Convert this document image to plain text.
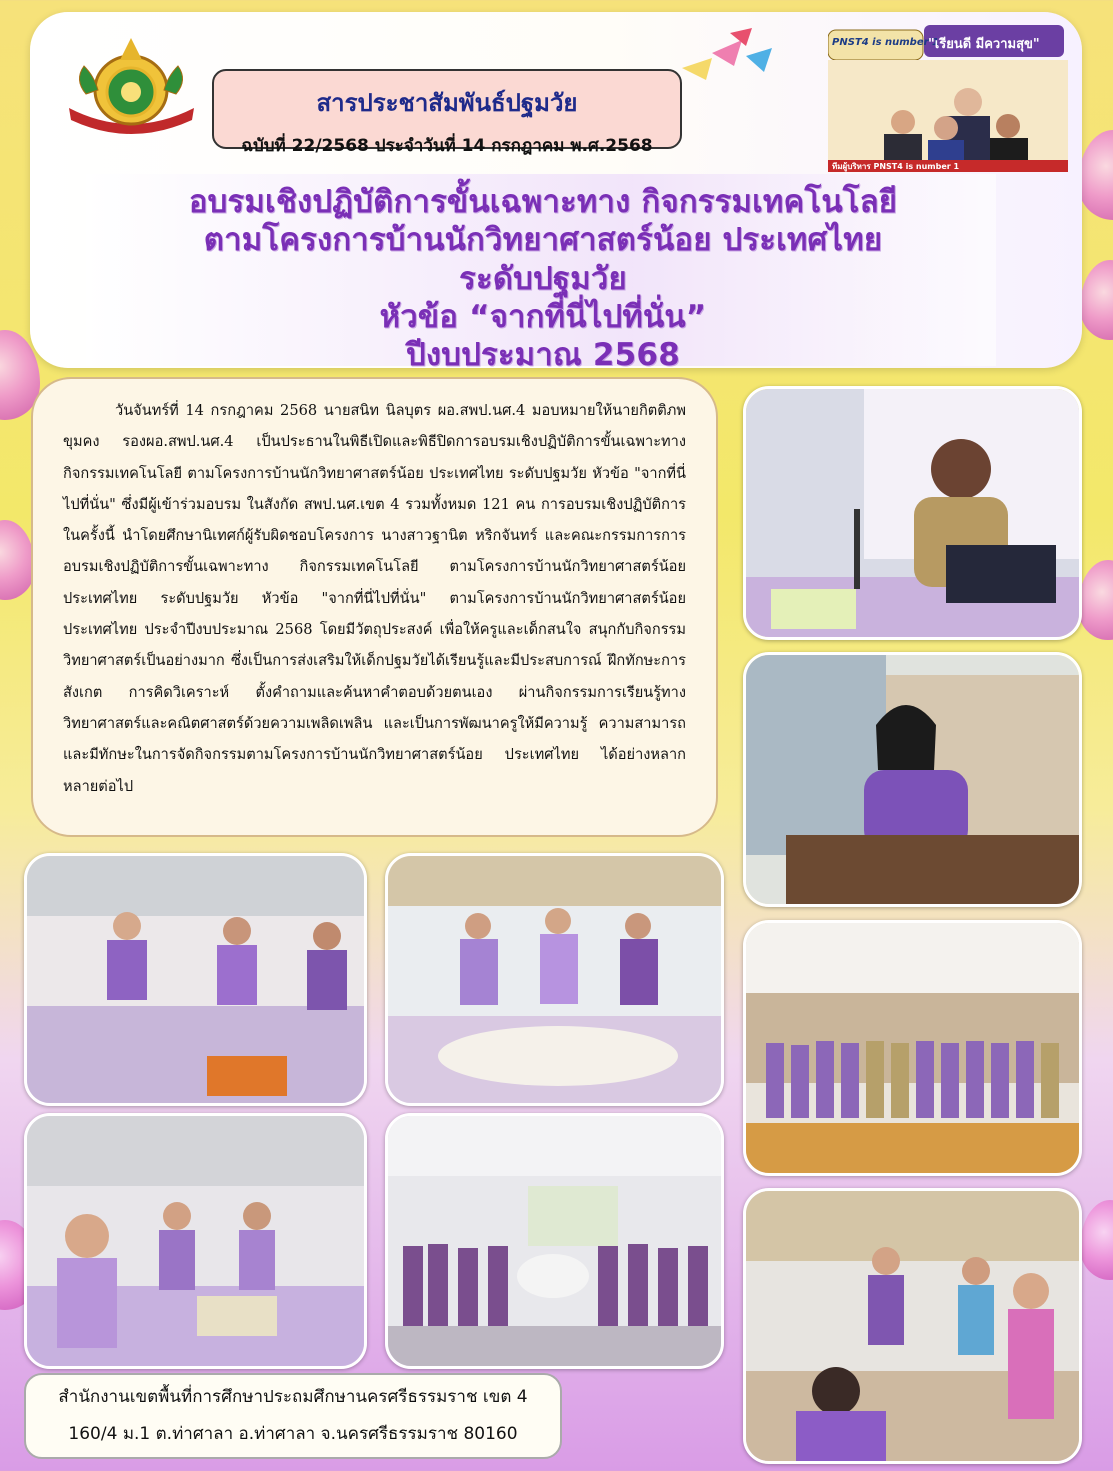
สารประชาสัมพันธ์ปฐมวัย
ฉบับที่ 22/2568 ประจำวันที่ 14 กรกฎาคม พ.ศ.2568
PNST4 is number 1
"เรียนดี มีความสุข"
ทีมผู้บริหาร PNST4 is number 1
อบรมเชิงปฏิบัติการขั้นเฉพาะทาง กิจกรรมเทคโนโลยี
ตามโครงการบ้านนักวิทยาศาสตร์น้อย ประเทศไทย
ระดับปฐมวัย
หัวข้อ “จากที่นี่ไปที่นั่น”
ปีงบประมาณ 2568
วันจันทร์ที่ 14 กรกฎาคม 2568 นายสนิท นิลบุตร ผอ.สพป.นศ.4 มอบหมายให้นายกิตติภพ ขุมคง รองผอ.สพป.นศ.4 เป็นประธานในพิธีเปิดและพิธีปิดการอบรมเชิงปฏิบัติการขั้นเฉพาะทาง กิจกรรมเทคโนโลยี ตามโครงการบ้านนักวิทยาศาสตร์น้อย ประเทศไทย ระดับปฐมวัย หัวข้อ "จากที่นี่ไปที่นั่น" ซึ่งมีผู้เข้าร่วมอบรม ในสังกัด สพป.นศ.เขต 4 รวมทั้งหมด 121 คน การอบรมเชิงปฏิบัติการในครั้งนี้ นำโดยศึกษานิเทศก์ผู้รับผิดชอบโครงการ นางสาวฐานิต หริกจันทร์ และคณะกรรมการการอบรมเชิงปฏิบัติการขั้นเฉพาะทาง กิจกรรมเทคโนโลยี ตามโครงการบ้านนักวิทยาศาสตร์น้อย ประเทศไทย ระดับปฐมวัย หัวข้อ "จากที่นี่ไปที่นั่น" ตามโครงการบ้านนักวิทยาศาสตร์น้อย ประเทศไทย ประจำปีงบประมาณ 2568 โดยมีวัตถุประสงค์ เพื่อให้ครูและเด็กสนใจ สนุกกับกิจกรรมวิทยาศาสตร์เป็นอย่างมาก ซึ่งเป็นการส่งเสริมให้เด็กปฐมวัยได้เรียนรู้และมีประสบการณ์ ฝึกทักษะการสังเกต การคิดวิเคราะห์ ตั้งคำถามและค้นหาคำตอบด้วยตนเอง ผ่านกิจกรรมการเรียนรู้ทางวิทยาศาสตร์และคณิตศาสตร์ด้วยความเพลิดเพลิน และเป็นการพัฒนาครูให้มีความรู้ ความสามารถ และมีทักษะในการจัดกิจกรรมตามโครงการบ้านนักวิทยาศาสตร์น้อย ประเทศไทย ได้อย่างหลากหลายต่อไป
สำนักงานเขตพื้นที่การศึกษาประถมศึกษานครศรีธรรมราช เขต 4
160/4 ม.1 ต.ท่าศาลา อ.ท่าศาลา จ.นครศรีธรรมราช 80160
